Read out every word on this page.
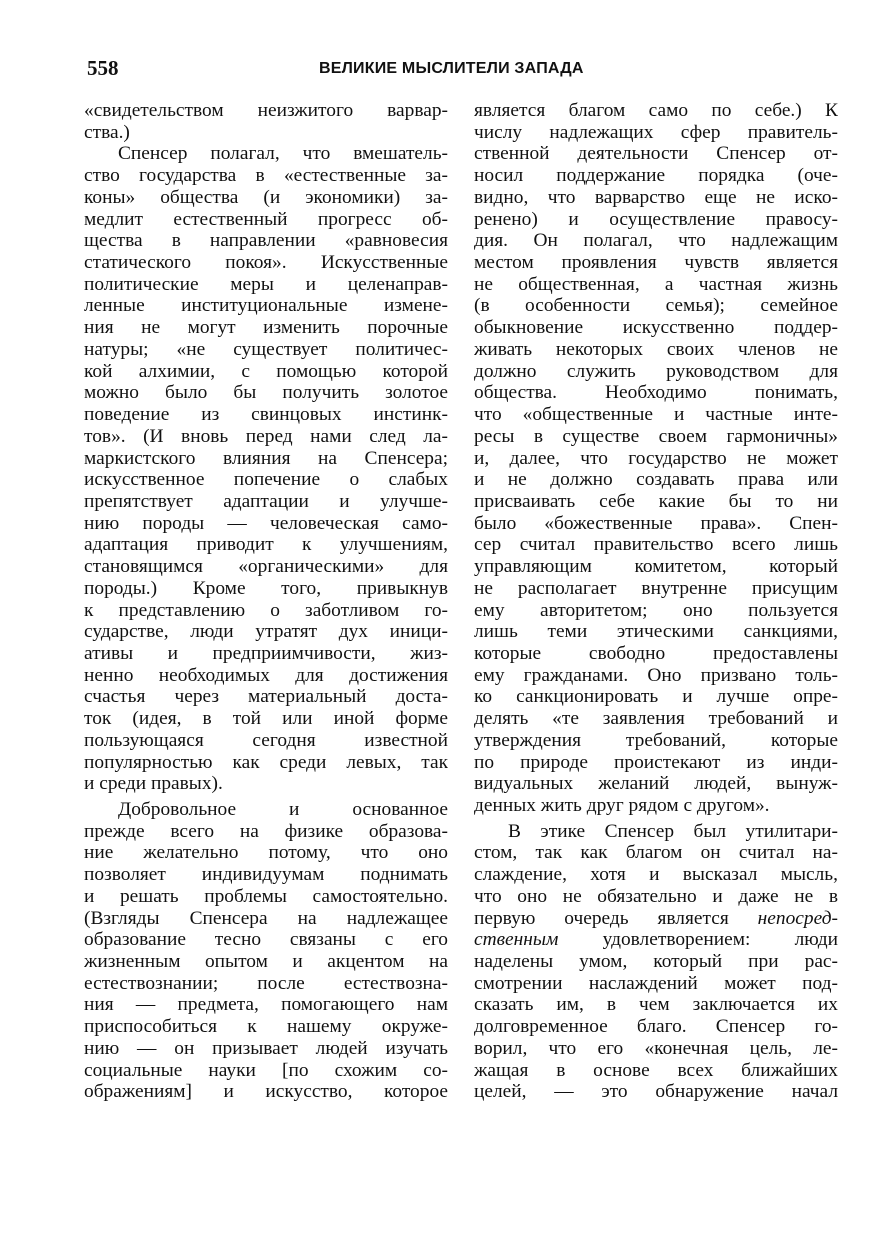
558	ВЕЛИКИЕ МЫСЛИТЕЛИ ЗАПАДА
«свидетельством неизжитого варвар-
ства.)
Спенсер полагал, что вмешатель-
ство государства в «естественные за-
коны» общества (и экономики) за-
медлит естественный прогресс об-
щества в направлении «равновесия
статического покоя». Искусственные
политические меры и целенаправ-
ленные институциональные измене-
ния не могут изменить порочные
натуры; «не существует политичес-
кой алхимии, с помощью которой
можно было бы получить золотое
поведение из свинцовых инстинк-
тов». (И вновь перед нами след ла-
маркистского влияния на Спенсера;
искусственное попечение о слабых
препятствует адаптации и улучше-
нию породы — человеческая само-
адаптация приводит к улучшениям,
становящимся «органическими» для
породы.) Кроме того, привыкнув
к представлению о заботливом го-
сударстве, люди утратят дух иници-
ативы и предприимчивости, жиз-
ненно необходимых для достижения
счастья через материальный доста-
ток (идея, в той или иной форме
пользующаяся сегодня известной
популярностью как среди левых, так
и среди правых).
Добровольное и основанное
прежде всего на физике образова-
ние желательно потому, что оно
позволяет индивидуумам поднимать
и решать проблемы самостоятельно.
(Взгляды Спенсера на надлежащее
образование тесно связаны с его
жизненным опытом и акцентом на
естествознании; после естествозна-
ния — предмета, помогающего нам
приспособиться к нашему окруже-
нию — он призывает людей изучать
социальные науки [по схожим со-
ображениям] и искусство, которое
является благом само по себе.) К
числу надлежащих сфер правитель-
ственной деятельности Спенсер от-
носил поддержание порядка (оче-
видно, что варварство еще не иско-
ренено) и осуществление правосу-
дия. Он полагал, что надлежащим
местом проявления чувств является
не общественная, а частная жизнь
(в особенности семья); семейное
обыкновение искусственно поддер-
живать некоторых своих членов не
должно служить руководством для
общества. Необходимо понимать,
что «общественные и частные инте-
ресы в существе своем гармоничны»
и, далее, что государство не может
и не должно создавать права или
присваивать себе какие бы то ни
было «божественные права». Спен-
сер считал правительство всего лишь
управляющим комитетом, который
не располагает внутренне присущим
ему авторитетом; оно пользуется
лишь теми этическими санкциями,
которые свободно предоставлены
ему гражданами. Оно призвано толь-
ко санкционировать и лучше опре-
делять «те заявления требований и
утверждения требований, которые
по природе проистекают из инди-
видуальных желаний людей, вынуж-
денных жить друг рядом с другом».
В этике Спенсер был утилитари-
стом, так как благом он считал на-
слаждение, хотя и высказал мысль,
что оно не обязательно и даже не в
первую очередь является непосред-
ственным удовлетворением: люди
наделены умом, который при рас-
смотрении наслаждений может под-
сказать им, в чем заключается их
долговременное благо. Спенсер го-
ворил, что его «конечная цель, ле-
жащая в основе всех ближайших
целей, — это обнаружение начал
